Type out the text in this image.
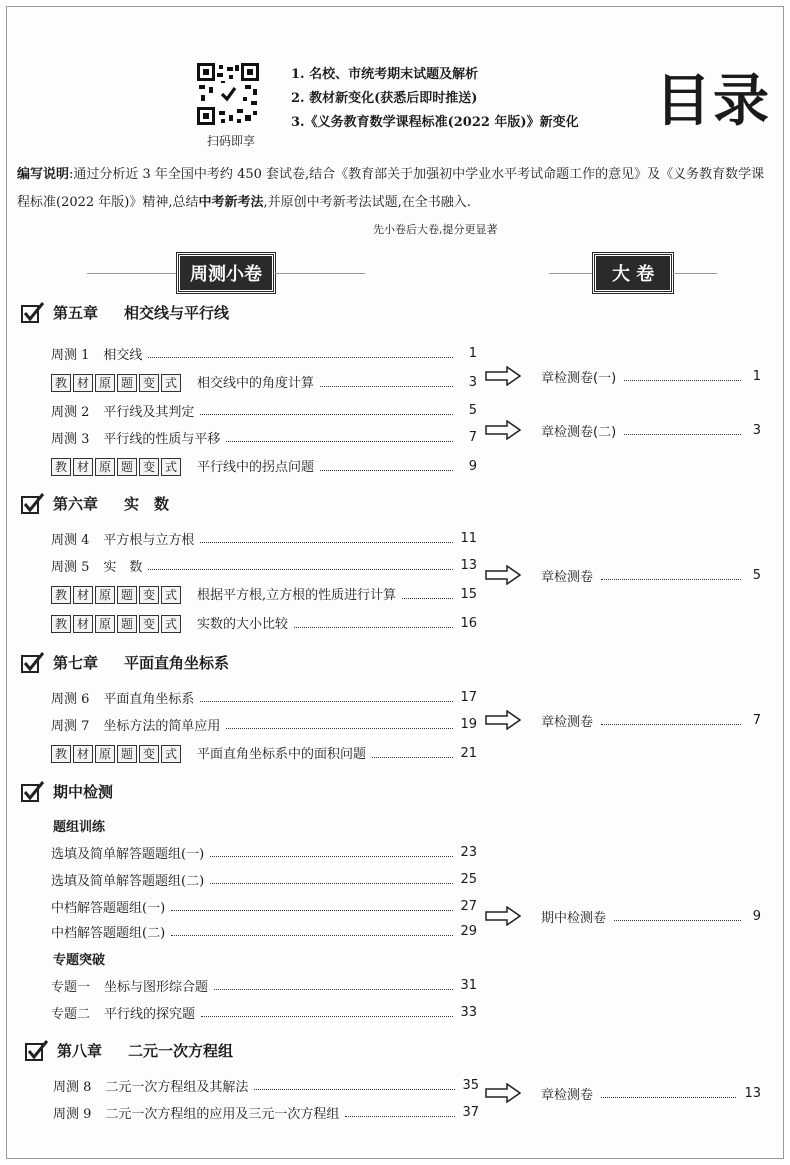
扫码即享
1. 名校、市统考期末试题及解析
2. 教材新变化(获悉后即时推送)
3.《义务教育数学课程标准(2022 年版)》新变化 目录
编写说明:通过分析近 3 年全国中考约 450 套试卷,结合《教育部关于加强初中学业水平考试命题工作的意见》及《义务教育数学课程标准(2022 年版)》精神,总结中考新考法,并原创中考新考法试题,在全书融入.
先小卷后大卷,提分更显著
周测小卷	大 卷
第五章 相交线与平行线
周测 1 相交线	1
教 材 原 题 变 式	相交线中的角度计算	3
周测 2 平行线及其判定	5
周测 3 平行线的性质与平移	7
教 材 原 题 变 式	平行线中的拐点问题	9
章检测卷(一)	1
章检测卷(二)	3
第六章 实　数
周测 4 平方根与立方根	11
周测 5 实　数	13
教 材 原 题 变 式	根据平方根,立方根的性质进行计算	15
教 材 原 题 变 式	实数的大小比较	16
章检测卷	5
第七章 平面直角坐标系
周测 6 平面直角坐标系	17
周测 7 坐标方法的简单应用	19
教 材 原 题 变 式	平面直角坐标系中的面积问题	21
章检测卷	7
期中检测
题组训练
选填及简单解答题题组(一)	23
选填及简单解答题题组(二)	25
中档解答题题组(一)	27
中档解答题题组(二)	29
专题突破
专题一 坐标与图形综合题	31
专题二 平行线的探究题	33
期中检测卷	9
第八章 二元一次方程组
周测 8 二元一次方程组及其解法	35
周测 9 二元一次方程组的应用及三元一次方程组	37
章检测卷	13
